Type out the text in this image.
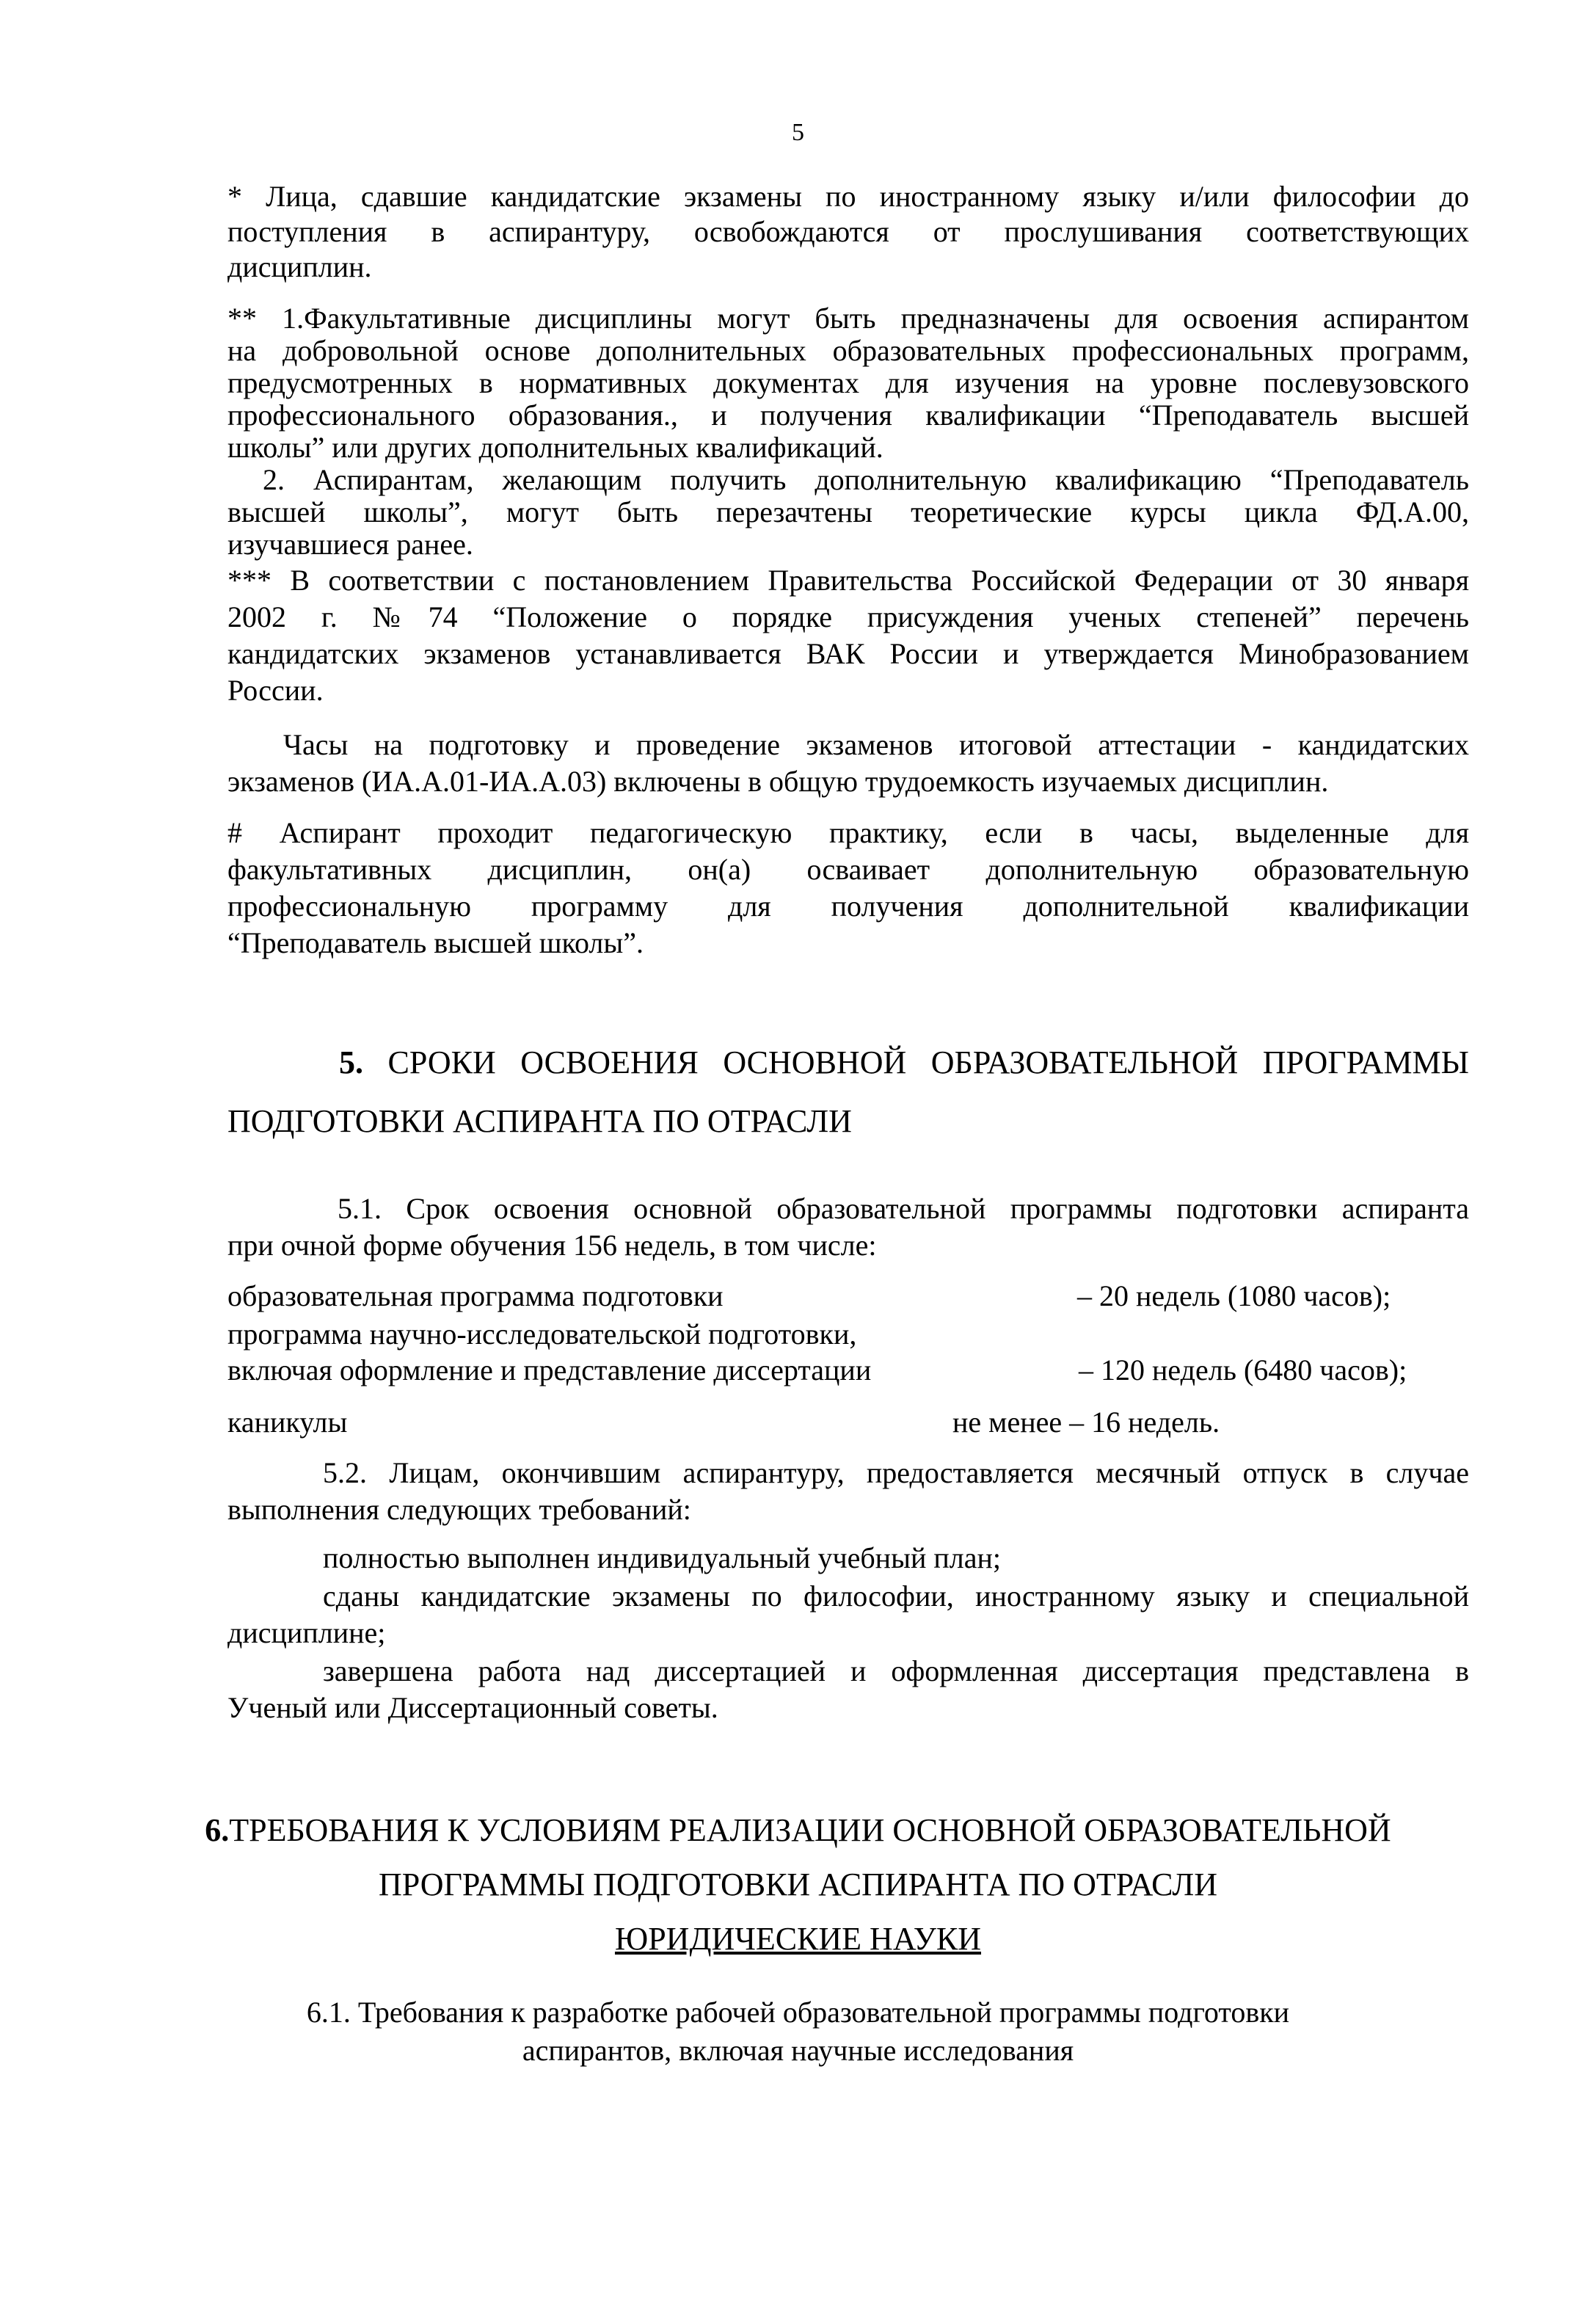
5
* Лица, сдавшие кандидатские экзамены по иностранному языку и/или философии до
поступления в аспирантуру, освобождаются от прослушивания соответствующих
дисциплин.
** 1.Факультативные дисциплины могут быть предназначены для освоения аспирантом
на добровольной основе дополнительных образовательных профессиональных программ,
предусмотренных в нормативных документах для изучения на уровне послевузовского
профессионального образования., и получения квалификации “Преподаватель высшей
школы” или других дополнительных квалификаций.
2. Аспирантам, желающим получить дополнительную квалификацию “Преподаватель
высшей школы”, могут быть перезачтены теоретические курсы цикла ФД.А.00,
изучавшиеся ранее.
*** В соответствии с постановлением Правительства Российской Федерации от 30 января
2002 г. №74 “Положение о порядке присуждения ученых степеней” перечень
кандидатских экзаменов устанавливается ВАК России и утверждается Минобразованием
России.
Часы на подготовку и проведение экзаменов итоговой аттестации - кандидатских
экзаменов (ИА.А.01-ИА.А.03) включены в общую трудоемкость изучаемых дисциплин.
# Аспирант проходит педагогическую практику, если в часы, выделенные для
факультативных дисциплин, он(а) осваивает дополнительную образовательную
профессиональную программу для получения дополнительной квалификации
“Преподаватель высшей школы”.
5. СРОКИ ОСВОЕНИЯ ОСНОВНОЙ ОБРАЗОВАТЕЛЬНОЙ ПРОГРАММЫ
ПОДГОТОВКИ АСПИРАНТА ПО ОТРАСЛИ
5.1. Срок освоения основной образовательной программы подготовки аспиранта
при очной форме обучения 156 недель, в том числе:
образовательная программа подготовки	– 20 недель (1080 часов);
программа научно-исследовательской подготовки,
включая оформление и представление диссертации	– 120 недель (6480 часов);
каникулы	не менее – 16 недель.
5.2. Лицам, окончившим аспирантуру, предоставляется месячный отпуск в случае
выполнения следующих требований:
полностью выполнен индивидуальный учебный план;
сданы кандидатские экзамены по философии, иностранному языку и специальной
дисциплине;
завершена работа над диссертацией и оформленная диссертация представлена в
Ученый или Диссертационный советы.
6.ТРЕБОВАНИЯ К УСЛОВИЯМ РЕАЛИЗАЦИИ ОСНОВНОЙ ОБРАЗОВАТЕЛЬНОЙ
ПРОГРАММЫ ПОДГОТОВКИ АСПИРАНТА ПО ОТРАСЛИ
ЮРИДИЧЕСКИЕ НАУКИ
6.1. Требования к разработке рабочей образовательной программы подготовки
аспирантов, включая научные исследования
